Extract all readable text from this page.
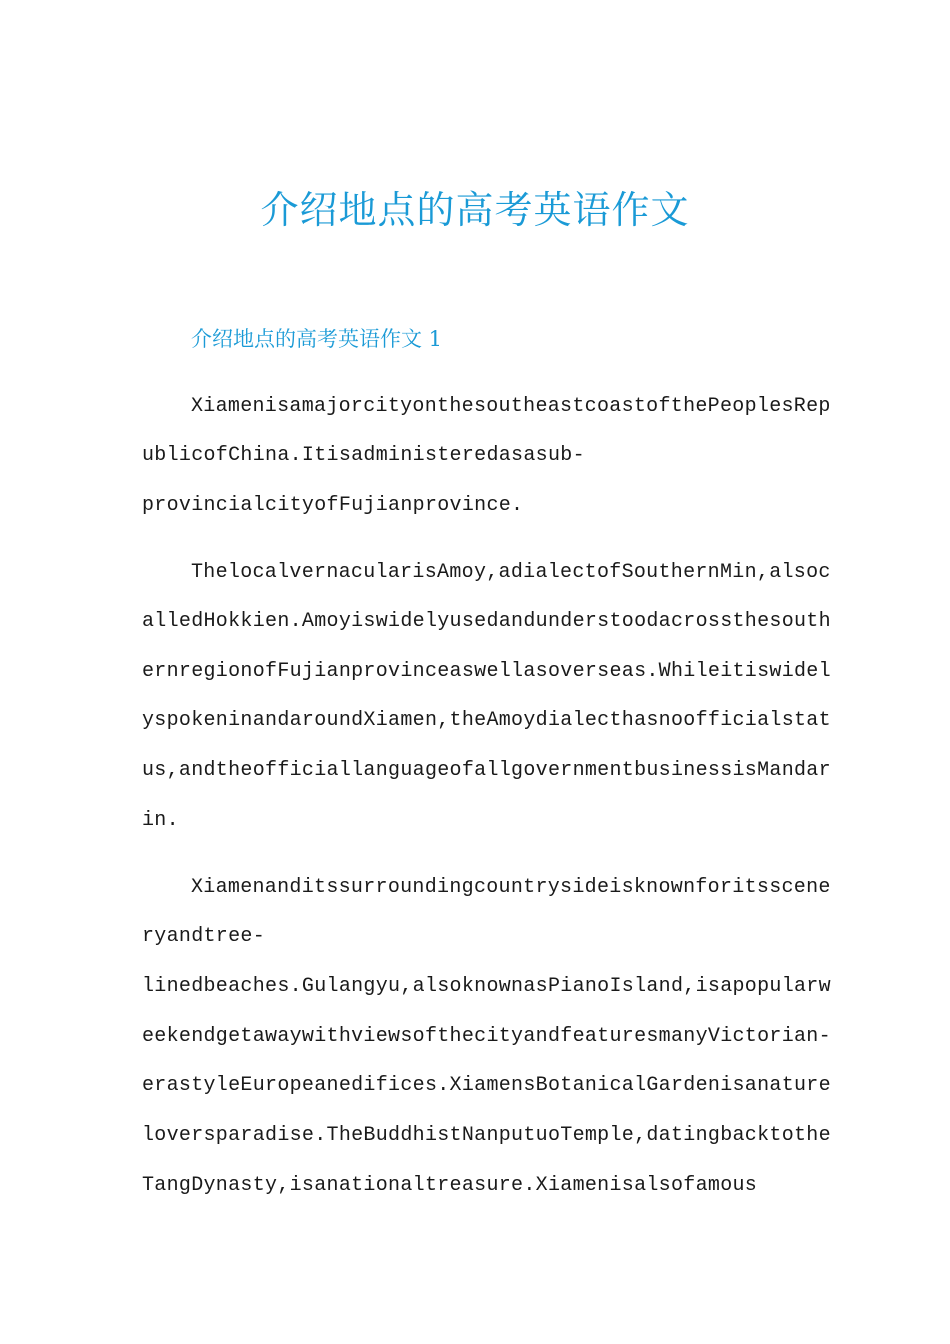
介绍地点的高考英语作文
介绍地点的高考英语作文 1
XiamenisamajorcityonthesoutheastcoastofthePeoplesRep
ublicofChina.Itisadministeredasasub-
provincialcityofFujianprovince.
ThelocalvernacularisAmoy,adialectofSouthernMin,alsoc
alledHokkien.Amoyiswidelyusedandunderstoodacrossthesouth
ernregionofFujianprovinceaswellasoverseas.Whileitiswidel
yspokeninandaroundXiamen,theAmoydialecthasnoofficialstat
us,andtheofficiallanguageofallgovernmentbusinessisMandar
in.
Xiamenanditssurroundingcountrysideisknownforitsscene
ryandtree-
linedbeaches.Gulangyu,alsoknownasPianoIsland,isapopularw
eekendgetawaywithviewsofthecityandfeaturesmanyVictorian-
erastyleEuropeanedifices.XiamensBotanicalGardenisanature
loversparadise.TheBuddhistNanputuoTemple,datingbacktothe
TangDynasty,isanationaltreasure.Xiamenisalsofamous
